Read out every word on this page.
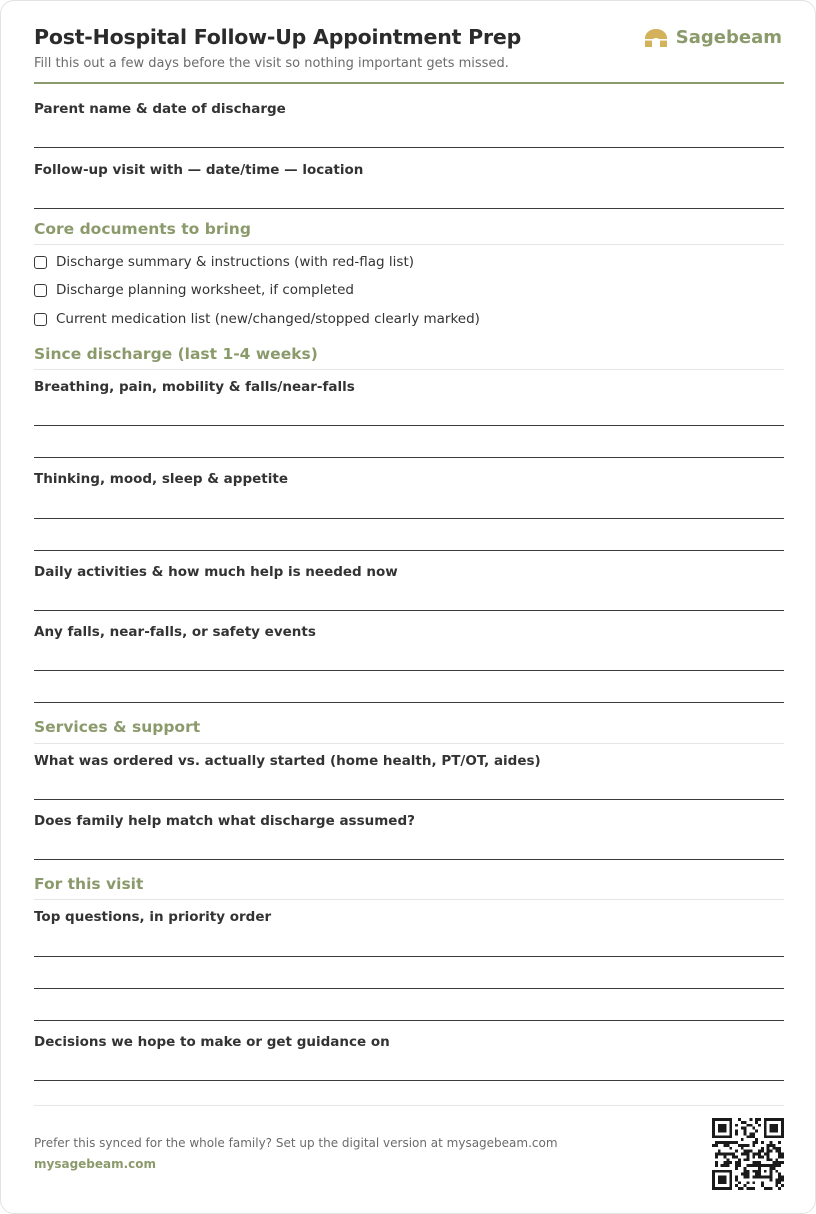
Post-Hospital Follow-Up Appointment Prep
Fill this out a few days before the visit so nothing important gets missed.
Sagebeam
Parent name & date of discharge
Follow-up visit with — date/time — location
Core documents to bring
Discharge summary & instructions (with red-flag list)
Discharge planning worksheet, if completed
Current medication list (new/changed/stopped clearly marked)
Since discharge (last 1-4 weeks)
Breathing, pain, mobility & falls/near-falls
Thinking, mood, sleep & appetite
Daily activities & how much help is needed now
Any falls, near-falls, or safety events
Services & support
What was ordered vs. actually started (home health, PT/OT, aides)
Does family help match what discharge assumed?
For this visit
Top questions, in priority order
Decisions we hope to make or get guidance on
Prefer this synced for the whole family? Set up the digital version at mysagebeam.com
mysagebeam.com
